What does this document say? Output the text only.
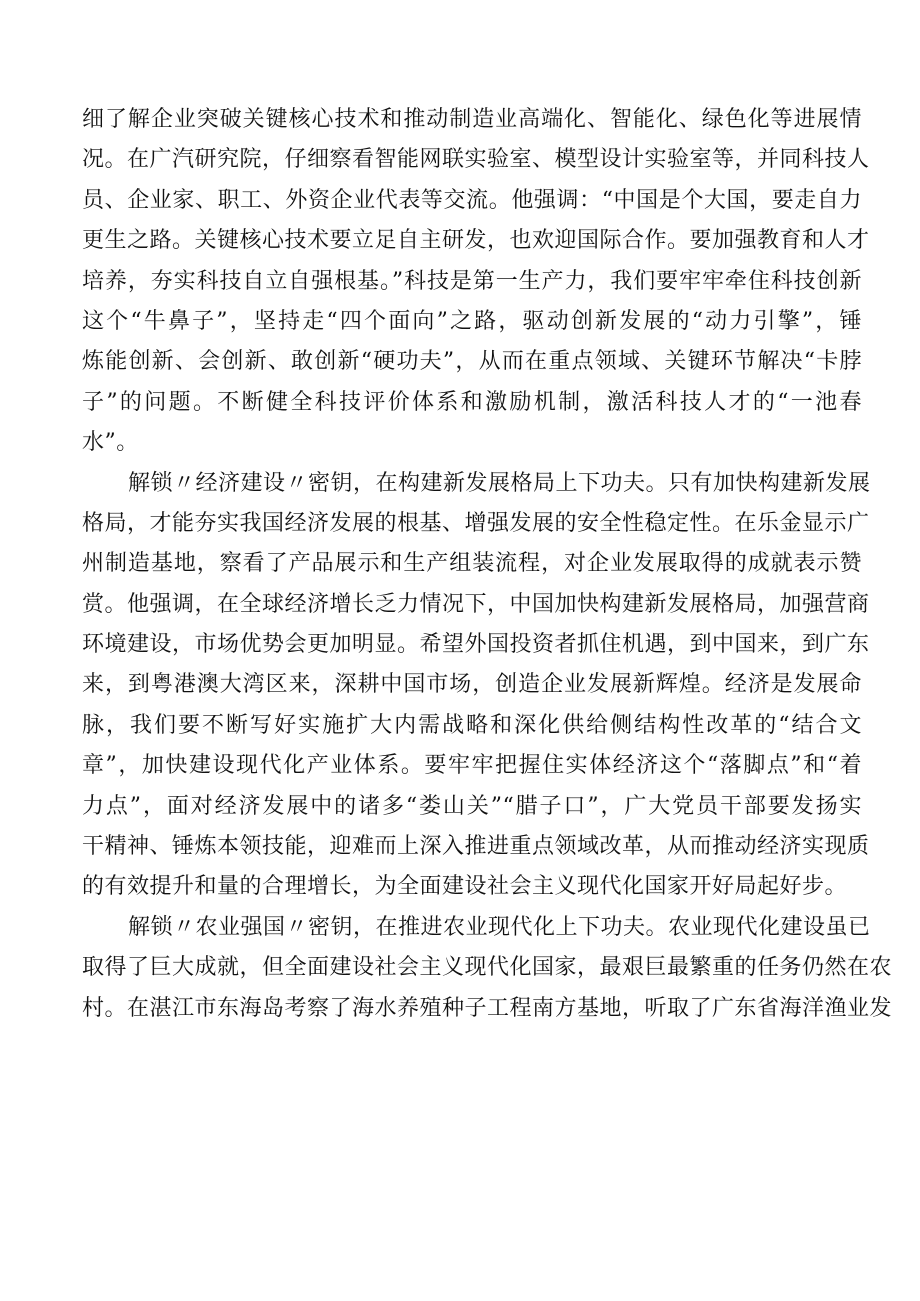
细了解企业突破关键核心技术和推动制造业高端化、智能化、绿色化等进展情
况。在广汽研究院，仔细察看智能网联实验室、模型设计实验室等，并同科技人
员、企业家、职工、外资企业代表等交流。他强调：“中国是个大国，要走自力
更生之路。关键核心技术要立足自主研发，也欢迎国际合作。要加强教育和人才
培养，夯实科技自立自强根基。”科技是第一生产力，我们要牢牢牵住科技创新
这个“牛鼻子”，坚持走“四个面向”之路，驱动创新发展的“动力引擎”，锤
炼能创新、会创新、敢创新“硬功夫”，从而在重点领域、关键环节解决“卡脖
子”的问题。不断健全科技评价体系和激励机制，激活科技人才的“一池春
水”。
解锁〃经济建设〃密钥，在构建新发展格局上下功夫。只有加快构建新发展
格局，才能夯实我国经济发展的根基、增强发展的安全性稳定性。在乐金显示广
州制造基地，察看了产品展示和生产组装流程，对企业发展取得的成就表示赞
赏。他强调，在全球经济增长乏力情况下，中国加快构建新发展格局，加强营商
环境建设，市场优势会更加明显。希望外国投资者抓住机遇，到中国来，到广东
来，到粤港澳大湾区来，深耕中国市场，创造企业发展新辉煌。经济是发展命
脉，我们要不断写好实施扩大内需战略和深化供给侧结构性改革的“结合文
章”，加快建设现代化产业体系。要牢牢把握住实体经济这个“落脚点”和“着
力点”，面对经济发展中的诸多“娄山关”“腊子口”，广大党员干部要发扬实
干精神、锤炼本领技能，迎难而上深入推进重点领域改革，从而推动经济实现质
的有效提升和量的合理增长，为全面建设社会主义现代化国家开好局起好步。
解锁〃农业强国〃密钥，在推进农业现代化上下功夫。农业现代化建设虽已
取得了巨大成就，但全面建设社会主义现代化国家，最艰巨最繁重的任务仍然在农
村。在湛江市东海岛考察了海水养殖种子工程南方基地，听取了广东省海洋渔业发
